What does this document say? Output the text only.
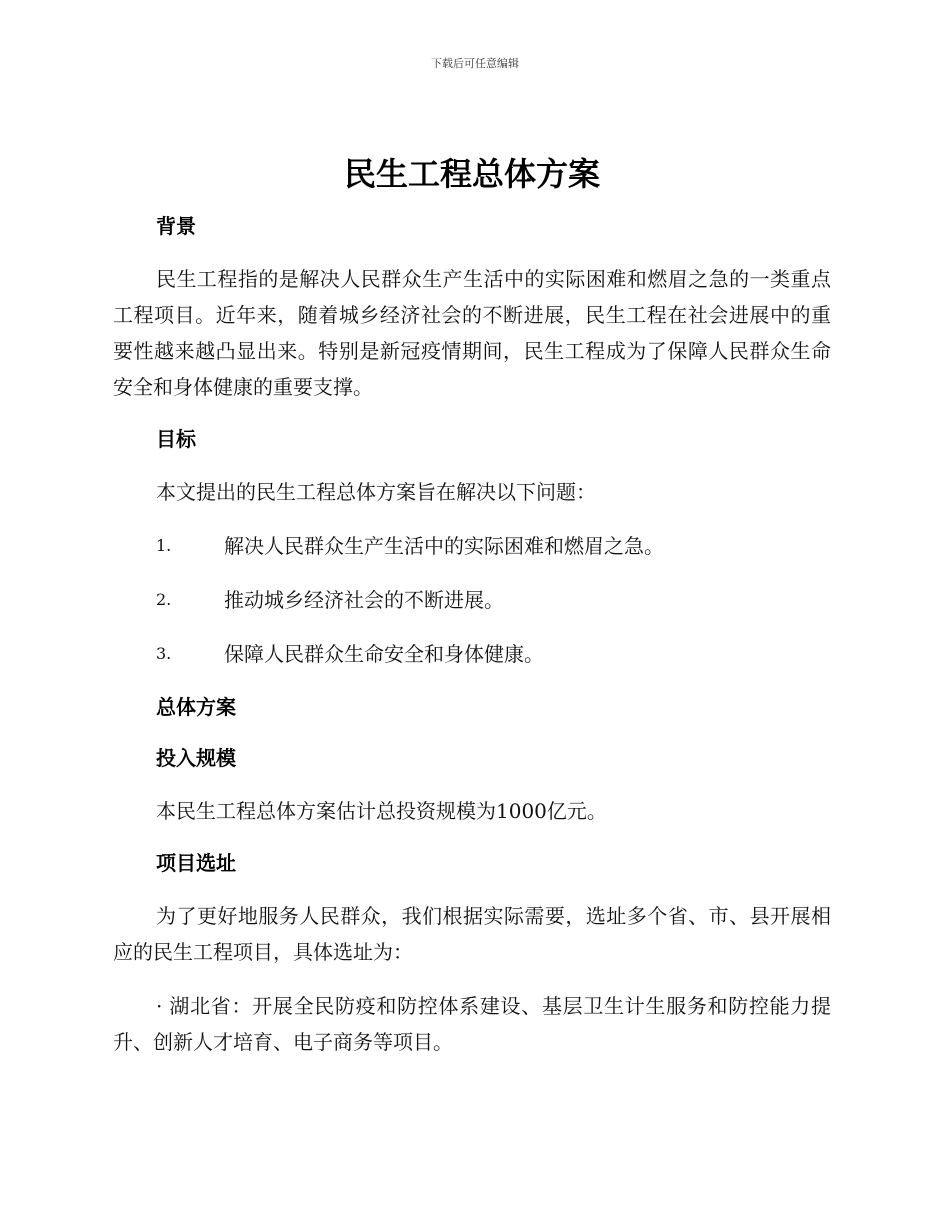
下载后可任意编辑
民生工程总体方案
背景

民生工程指的是解决人民群众生产生活中的实际困难和燃眉之急的一类重点工程项目。近年来，随着城乡经济社会的不断进展，民生工程在社会进展中的重要性越来越凸显出来。特别是新冠疫情期间，民生工程成为了保障人民群众生命安全和身体健康的重要支撑。

目标

本文提出的民生工程总体方案旨在解决以下问题：

1.	解决人民群众生产生活中的实际困难和燃眉之急。
2.	推动城乡经济社会的不断进展。
3.	保障人民群众生命安全和身体健康。
总体方案
投入规模

本民生工程总体方案估计总投资规模为1000亿元。

项目选址

为了更好地服务人民群众，我们根据实际需要，选址多个省、市、县开展相应的民生工程项目，具体选址为：

· 湖北省：开展全民防疫和防控体系建设、基层卫生计生服务和防控能力提升、创新人才培育、电子商务等项目。
